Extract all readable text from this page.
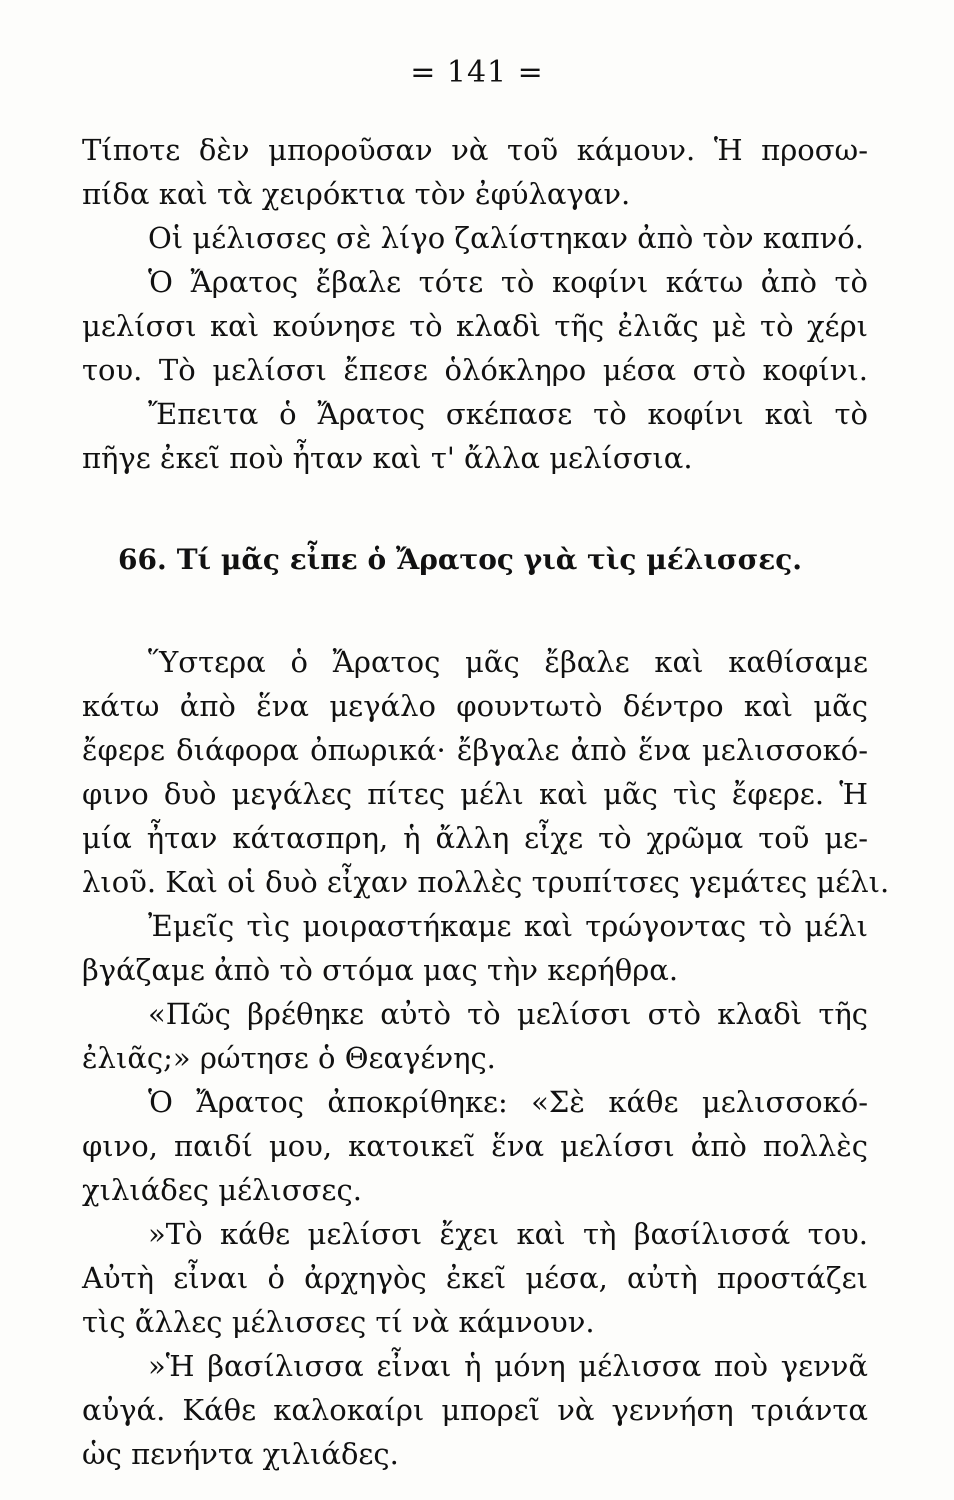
= 141 =
Τίποτε δὲν μποροῦσαν νὰ τοῦ κάμουν. Ἡ προσω-
πίδα καὶ τὰ χειρόκτια τὸν ἐφύλαγαν.
Οἱ μέλισσες σὲ λίγο ζαλίστηκαν ἀπὸ τὸν καπνό.
Ὁ Ἄρατος ἔβαλε τότε τὸ κοφίνι κάτω ἀπὸ τὸ
μελίσσι καὶ κούνησε τὸ κλαδὶ τῆς ἐλιᾶς μὲ τὸ χέρι
του. Τὸ μελίσσι ἔπεσε ὁλόκληρο μέσα στὸ κοφίνι.
Ἔπειτα ὁ Ἄρατος σκέπασε τὸ κοφίνι καὶ τὸ
πῆγε ἐκεῖ ποὺ ἦταν καὶ τ' ἄλλα μελίσσια.
66. Τί μᾶς εἶπε ὁ Ἄρατος γιὰ τὶς μέλισσες.
Ὕστερα ὁ Ἄρατος μᾶς ἔβαλε καὶ καθίσαμε
κάτω ἀπὸ ἕνα μεγάλο φουντωτὸ δέντρο καὶ μᾶς
ἔφερε διάφορα ὀπωρικά· ἔβγαλε ἀπὸ ἕνα μελισσοκό-
φινο δυὸ μεγάλες πίτες μέλι καὶ μᾶς τὶς ἔφερε. Ἡ
μία ἦταν κάτασπρη, ἡ ἄλλη εἶχε τὸ χρῶμα τοῦ με-
λιοῦ. Καὶ οἱ δυὸ εἶχαν πολλὲς τρυπίτσες γεμάτες μέλι.
Ἐμεῖς τὶς μοιραστήκαμε καὶ τρώγοντας τὸ μέλι
βγάζαμε ἀπὸ τὸ στόμα μας τὴν κερήθρα.
«Πῶς βρέθηκε αὐτὸ τὸ μελίσσι στὸ κλαδὶ τῆς
ἐλιᾶς;» ρώτησε ὁ Θεαγένης.
Ὁ Ἄρατος ἀποκρίθηκε: «Σὲ κάθε μελισσοκό-
φινο, παιδί μου, κατοικεῖ ἕνα μελίσσι ἀπὸ πολλὲς
χιλιάδες μέλισσες.
»Τὸ κάθε μελίσσι ἔχει καὶ τὴ βασίλισσά του.
Αὐτὴ εἶναι ὁ ἀρχηγὸς ἐκεῖ μέσα, αὐτὴ προστάζει
τὶς ἄλλες μέλισσες τί νὰ κάμνουν.
»Ἡ βασίλισσα εἶναι ἡ μόνη μέλισσα ποὺ γεννᾶ
αὐγά. Κάθε καλοκαίρι μπορεῖ νὰ γεννήση τριάντα
ὡς πενήντα χιλιάδες.
